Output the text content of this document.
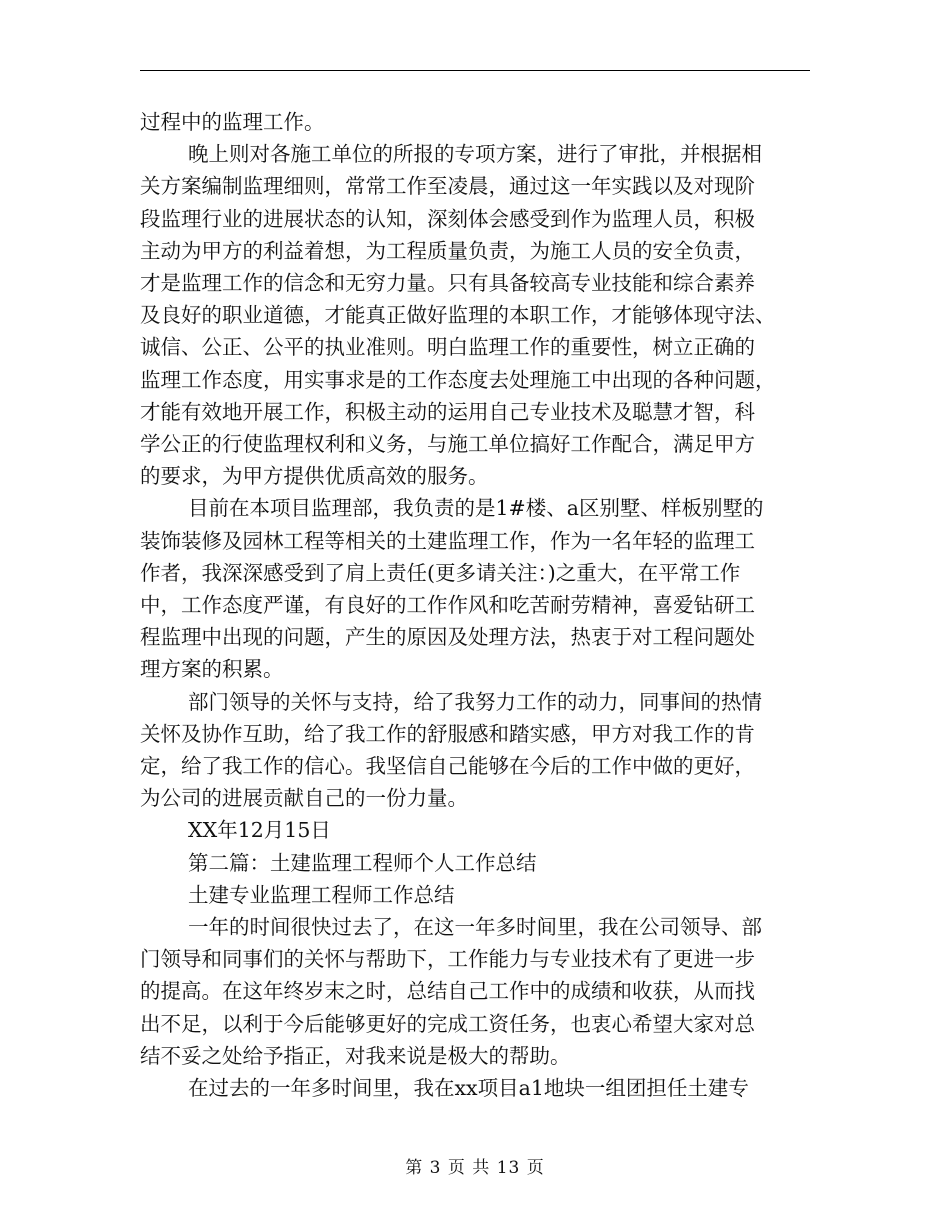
过程中的监理工作。

晚上则对各施工单位的所报的专项方案，进行了审批，并根据相
关方案编制监理细则，常常工作至凌晨，通过这一年实践以及对现阶
段监理行业的进展状态的认知，深刻体会感受到作为监理人员，积极
主动为甲方的利益着想，为工程质量负责，为施工人员的安全负责，
才是监理工作的信念和无穷力量。只有具备较高专业技能和综合素养
及良好的职业道德，才能真正做好监理的本职工作，才能够体现守法、
诚信、公正、公平的执业准则。明白监理工作的重要性，树立正确的
监理工作态度，用实事求是的工作态度去处理施工中出现的各种问题，
才能有效地开展工作，积极主动的运用自己专业技术及聪慧才智，科
学公正的行使监理权利和义务，与施工单位搞好工作配合，满足甲方
的要求，为甲方提供优质高效的服务。

目前在本项目监理部，我负责的是1#楼、a区别墅、样板别墅的
装饰装修及园林工程等相关的土建监理工作，作为一名年轻的监理工
作者，我深深感受到了肩上责任(更多请关注：)之重大，在平常工作
中，工作态度严谨，有良好的工作作风和吃苦耐劳精神，喜爱钻研工
程监理中出现的问题，产生的原因及处理方法，热衷于对工程问题处
理方案的积累。

部门领导的关怀与支持，给了我努力工作的动力，同事间的热情
关怀及协作互助，给了我工作的舒服感和踏实感，甲方对我工作的肯
定，给了我工作的信心。我坚信自己能够在今后的工作中做的更好，
为公司的进展贡献自己的一份力量。

XX年12月15日

第二篇：土建监理工程师个人工作总结

土建专业监理工程师工作总结

一年的时间很快过去了，在这一年多时间里，我在公司领导、部
门领导和同事们的关怀与帮助下，工作能力与专业技术有了更进一步
的提高。在这年终岁末之时，总结自己工作中的成绩和收获，从而找
出不足，以利于今后能够更好的完成工资任务，也衷心希望大家对总
结不妥之处给予指正，对我来说是极大的帮助。

在过去的一年多时间里，我在xx项目a1地块一组团担任土建专

第 3 页 共 13 页
